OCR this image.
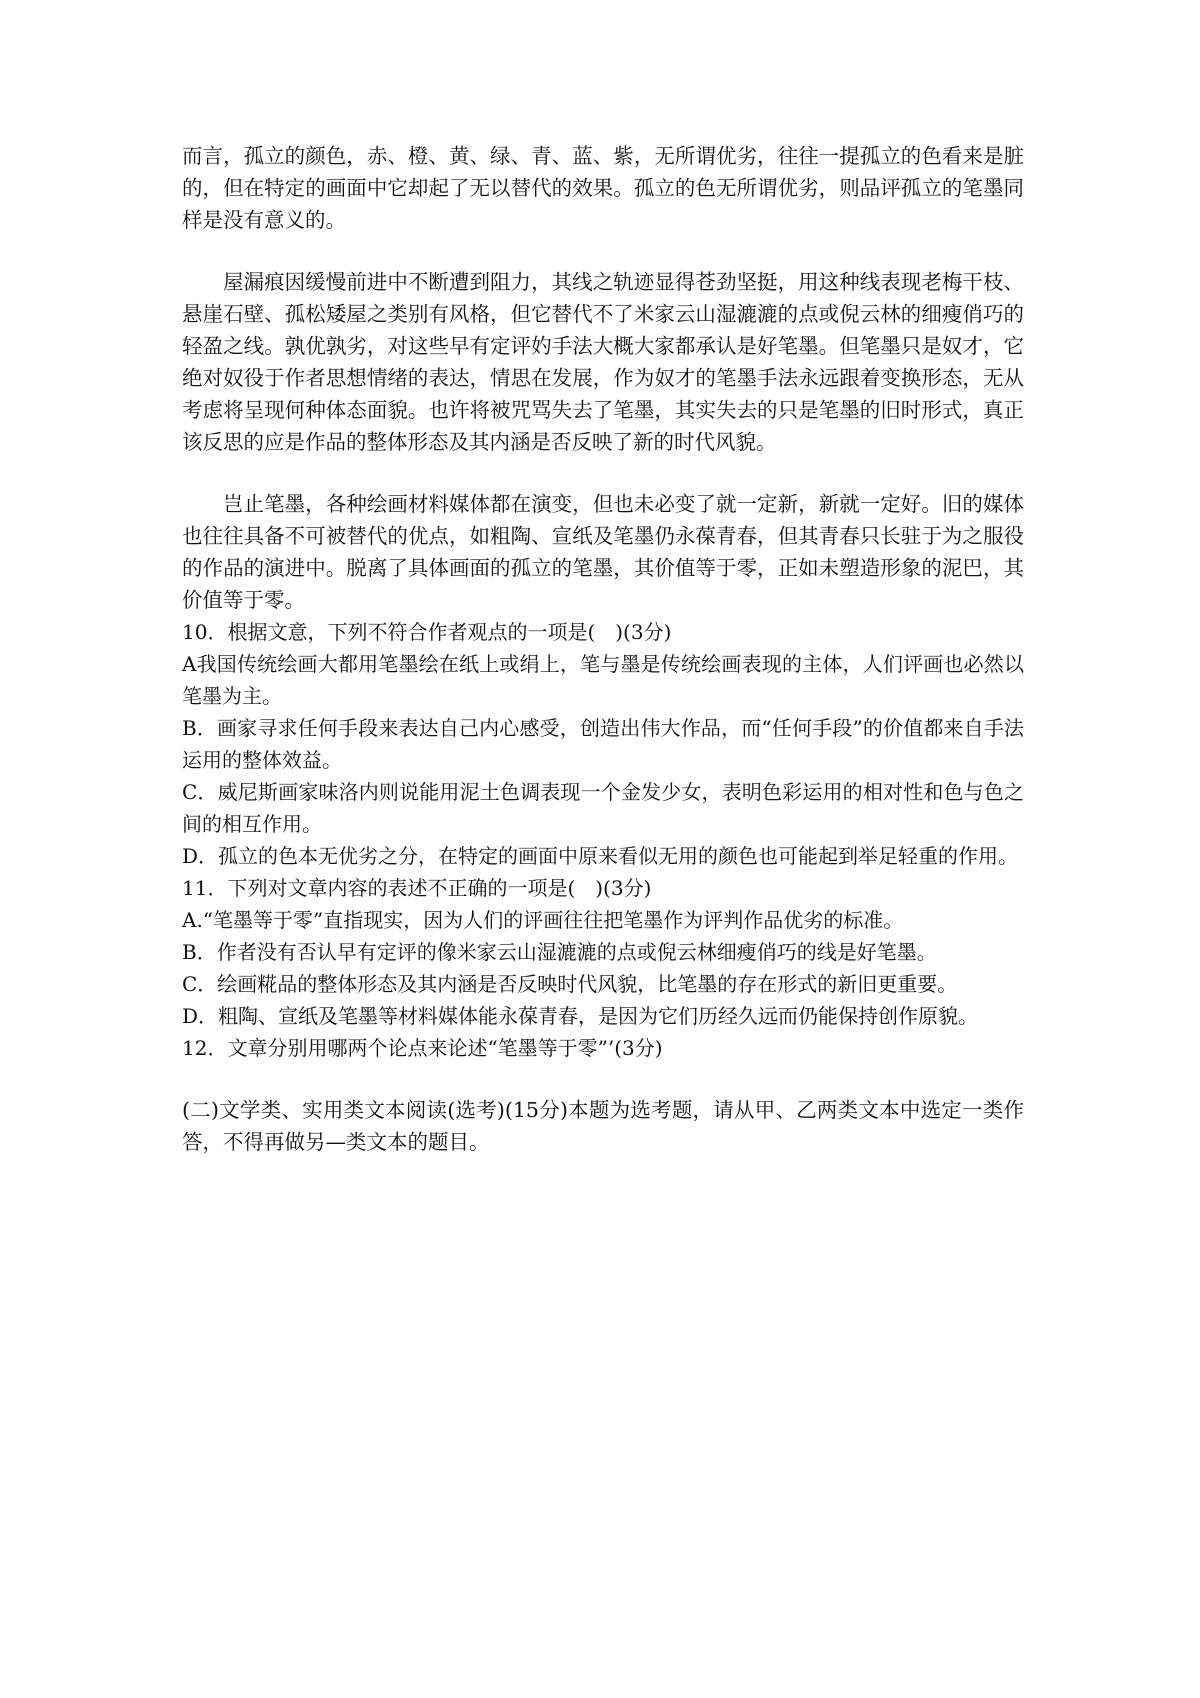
而言，孤立的颜色，赤、橙、黄、绿、青、蓝、紫，无所谓优劣，往往一提孤立的色看来是脏的，但在特定的画面中它却起了无以替代的效果。孤立的色无所谓优劣，则品评孤立的笔墨同样是没有意义的。

屋漏痕因缓慢前进中不断遭到阻力，其线之轨迹显得苍劲坚挺，用这种线表现老梅干枝、悬崖石壁、孤松矮屋之类别有风格，但它替代不了米家云山湿漉漉的点或倪云林的细瘦俏巧的轻盈之线。孰优孰劣，对这些早有定评妁手法大概大家都承认是好笔墨。但笔墨只是奴才，它绝对奴役于作者思想情绪的表达，情思在发展，作为奴才的笔墨手法永远跟着变换形态，无从考虑将呈现何种体态面貌。也许将被咒骂失去了笔墨，其实失去的只是笔墨的旧时形式，真正该反思的应是作品的整体形态及其内涵是否反映了新的时代风貌。

岂止笔墨，各种绘画材料媒体都在演变，但也未必变了就一定新，新就一定好。旧的媒体也往往具备不可被替代的优点，如粗陶、宣纸及笔墨仍永葆青春，但其青春只长驻于为之服役的作品的演进中。脱离了具体画面的孤立的笔墨，其价值等于零，正如未塑造形象的泥巴，其价值等于零。

10．根据文意，下列不符合作者观点的一项是(　)(3分)

A我国传统绘画大都用笔墨绘在纸上或绢上，笔与墨是传统绘画表现的主体，人们评画也必然以笔墨为主。

B．画家寻求任何手段来表达自己内心感受，创造出伟大作品，而“任何手段”的价值都来自手法运用的整体效益。

C．威尼斯画家味洛内则说能用泥土色调表现一个金发少女，表明色彩运用的相对性和色与色之间的相互作用。

D．孤立的色本无优劣之分，在特定的画面中原来看似无用的颜色也可能起到举足轻重的作用。

11．下列对文章内容的表述不正确的一项是(　)(3分)

A.“笔墨等于零”直指现实，因为人们的评画往往把笔墨作为评判作品优劣的标准。

B．作者没有否认早有定评的像米家云山湿漉漉的点或倪云林细瘦俏巧的线是好笔墨。

C．绘画糀品的整体形态及其内涵是否反映时代风貌，比笔墨的存在形式的新旧更重要。

D．粗陶、宣纸及笔墨等材料媒体能永葆青春，是因为它们历经久远而仍能保持创作原貌。

12．文章分别用哪两个论点来论述“笔墨等于零”’(3分)

(二)文学类、实用类文本阅读(选考)(15分)本题为选考题，请从甲、乙两类文本中选定一类作答，不得再做另—类文本的题目。
